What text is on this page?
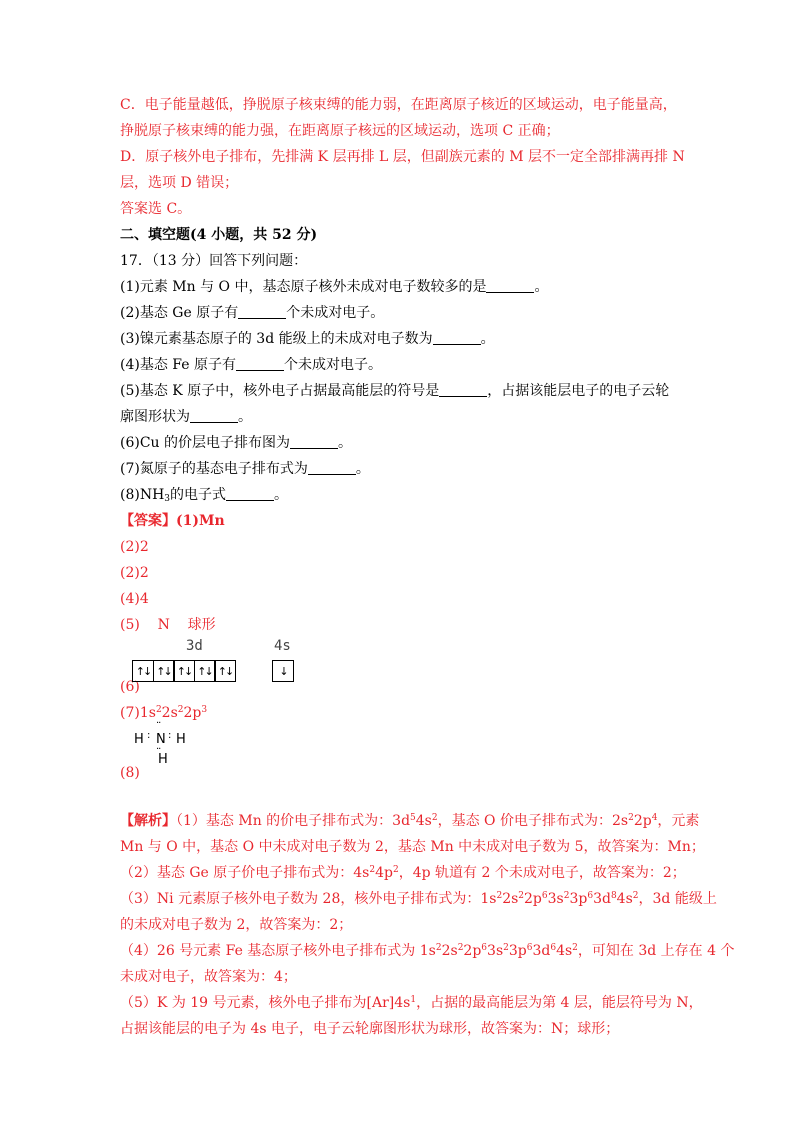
C．电子能量越低，挣脱原子核束缚的能力弱，在距离原子核近的区域运动，电子能量高，

挣脱原子核束缚的能力强，在距离原子核远的区域运动，选项 C 正确；

D．原子核外电子排布，先排满 K 层再排 L 层，但副族元素的 M 层不一定全部排满再排 N

层，选项 D 错误；

答案选 C。

二、填空题(4 小题，共 52 分)

17．（13 分）回答下列问题：

(1)元素 Mn 与 O 中，基态原子核外未成对电子数较多的是	。

(2)基态 Ge 原子有	个未成对电子。

(3)镍元素基态原子的 3d 能级上的未成对电子数为	。

(4)基态 Fe 原子有	个未成对电子。

(5)基态 K 原子中，核外电子占据最高能层的符号是	，占据该能层电子的电子云轮

廓图形状为	。

(6)Cu 的价层电子排布图为	。

(7)氮原子的基态电子排布式为	。

$(8)NH_3$的电子式	。

【答案】(1)Mn

(2)2

(2)2

(4)4

(5)    N    球形

3d	4s
↑↓ ↑↓ ↑↓ ↑↓ ↑↓	↓

(6)

$(7)1s^22s^22p^3$

H : N
··
: H
··
H

(8)

【解析】（1）基态 Mn 的价电子排布式为：$3d^54s^2$，基态 O 价电子排布式为：$2s^22p^4$，元素

Mn 与 O 中，基态 O 中未成对电子数为 2，基态 Mn 中未成对电子数为 5，故答案为：Mn；

（2）基态 Ge 原子价电子排布式为：$4s^24p^2$，4p 轨道有 2 个未成对电子，故答案为：2；

（3）Ni 元素原子核外电子数为 28，核外电子排布式为：$1s^22s^22p^63s^23p^63d^84s^2$，3d 能级上

的未成对电子数为 2，故答案为：2；

（4）26 号元素 Fe 基态原子核外电子排布式为 $1s^22s^22p^63s^23p^63d^64s^2$，可知在 3d 上存在 4 个

未成对电子，故答案为：4；

（5）K 为 19 号元素，核外电子排布为$[Ar]4s^1$，占据的最高能层为第 4 层，能层符号为 N，

占据该能层的电子为 4s 电子，电子云轮廓图形状为球形，故答案为：N；球形；
